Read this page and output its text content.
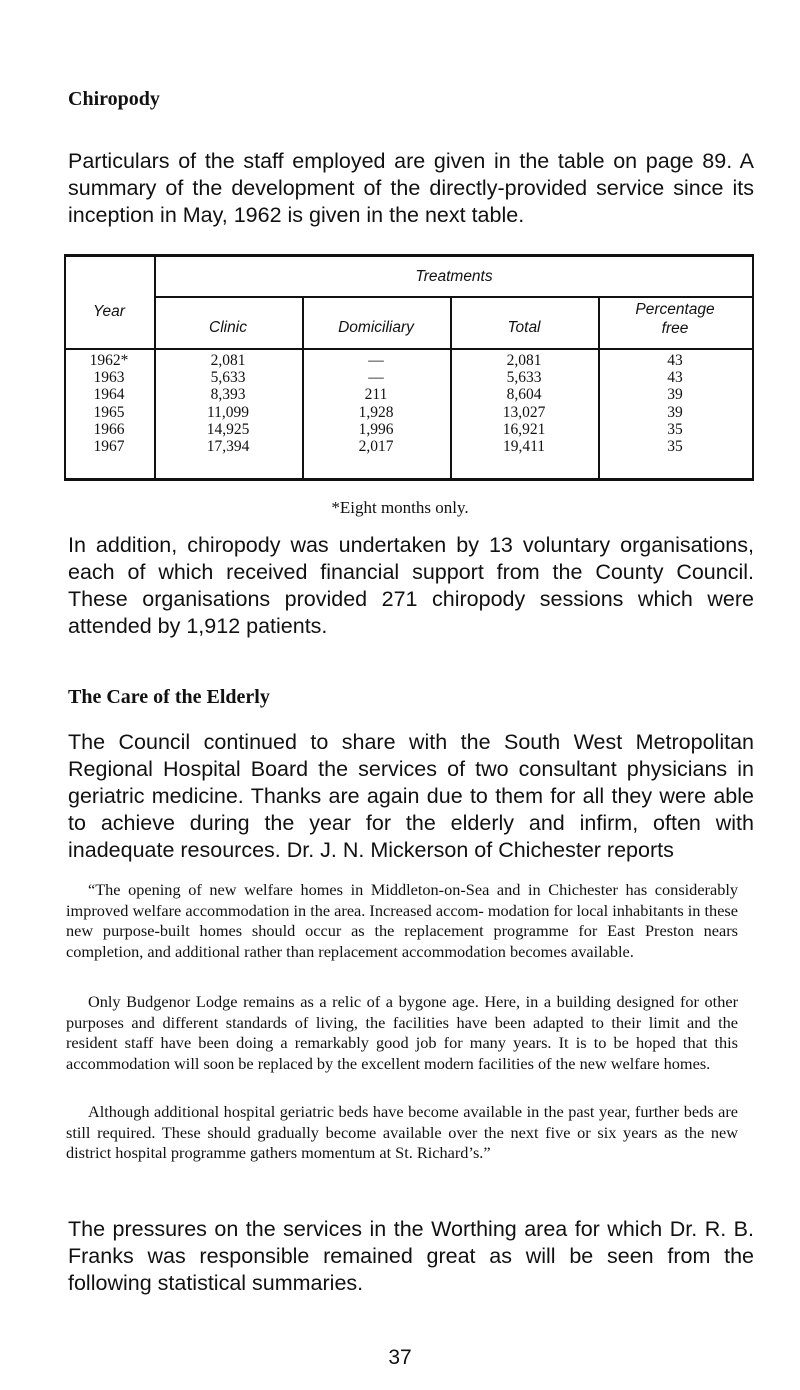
Chiropody
Particulars of the staff employed are given in the table on page 89. A summary of the development of the directly-provided service since its inception in May, 1962 is given in the next table.
Year
Treatments
Clinic	Domiciliary	Total
Percentage
free
1962*	2,081	—	2,081	43
1963	5,633	—	5,633	43
1964	8,393	211	8,604	39
1965	11,099	1,928	13,027	39
1966	14,925	1,996	16,921	35
1967	17,394	2,017	19,411	35
*Eight months only.
In addition, chiropody was undertaken by 13 voluntary organisations, each of which received financial support from the County Council. These organisations provided 271 chiropody sessions which were attended by 1,912 patients.
The Care of the Elderly
The Council continued to share with the South West Metropolitan Regional Hospital Board the services of two consultant physicians in geriatric medicine. Thanks are again due to them for all they were able to achieve during the year for the elderly and infirm, often with inadequate resources. Dr. J. N. Mickerson of Chichester reports
“The opening of new welfare homes in Middleton-on-Sea and in Chichester has considerably improved welfare accommodation in the area. Increased accom- modation for local inhabitants in these new purpose-built homes should occur as the replacement programme for East Preston nears completion, and additional rather than replacement accommodation becomes available.
Only Budgenor Lodge remains as a relic of a bygone age. Here, in a building designed for other purposes and different standards of living, the facilities have been adapted to their limit and the resident staff have been doing a remarkably good job for many years. It is to be hoped that this accommodation will soon be replaced by the excellent modern facilities of the new welfare homes.
Although additional hospital geriatric beds have become available in the past year, further beds are still required. These should gradually become available over the next five or six years as the new district hospital programme gathers momentum at St. Richard’s.”
The pressures on the services in the Worthing area for which Dr. R. B. Franks was responsible remained great as will be seen from the following statistical summaries.
37
